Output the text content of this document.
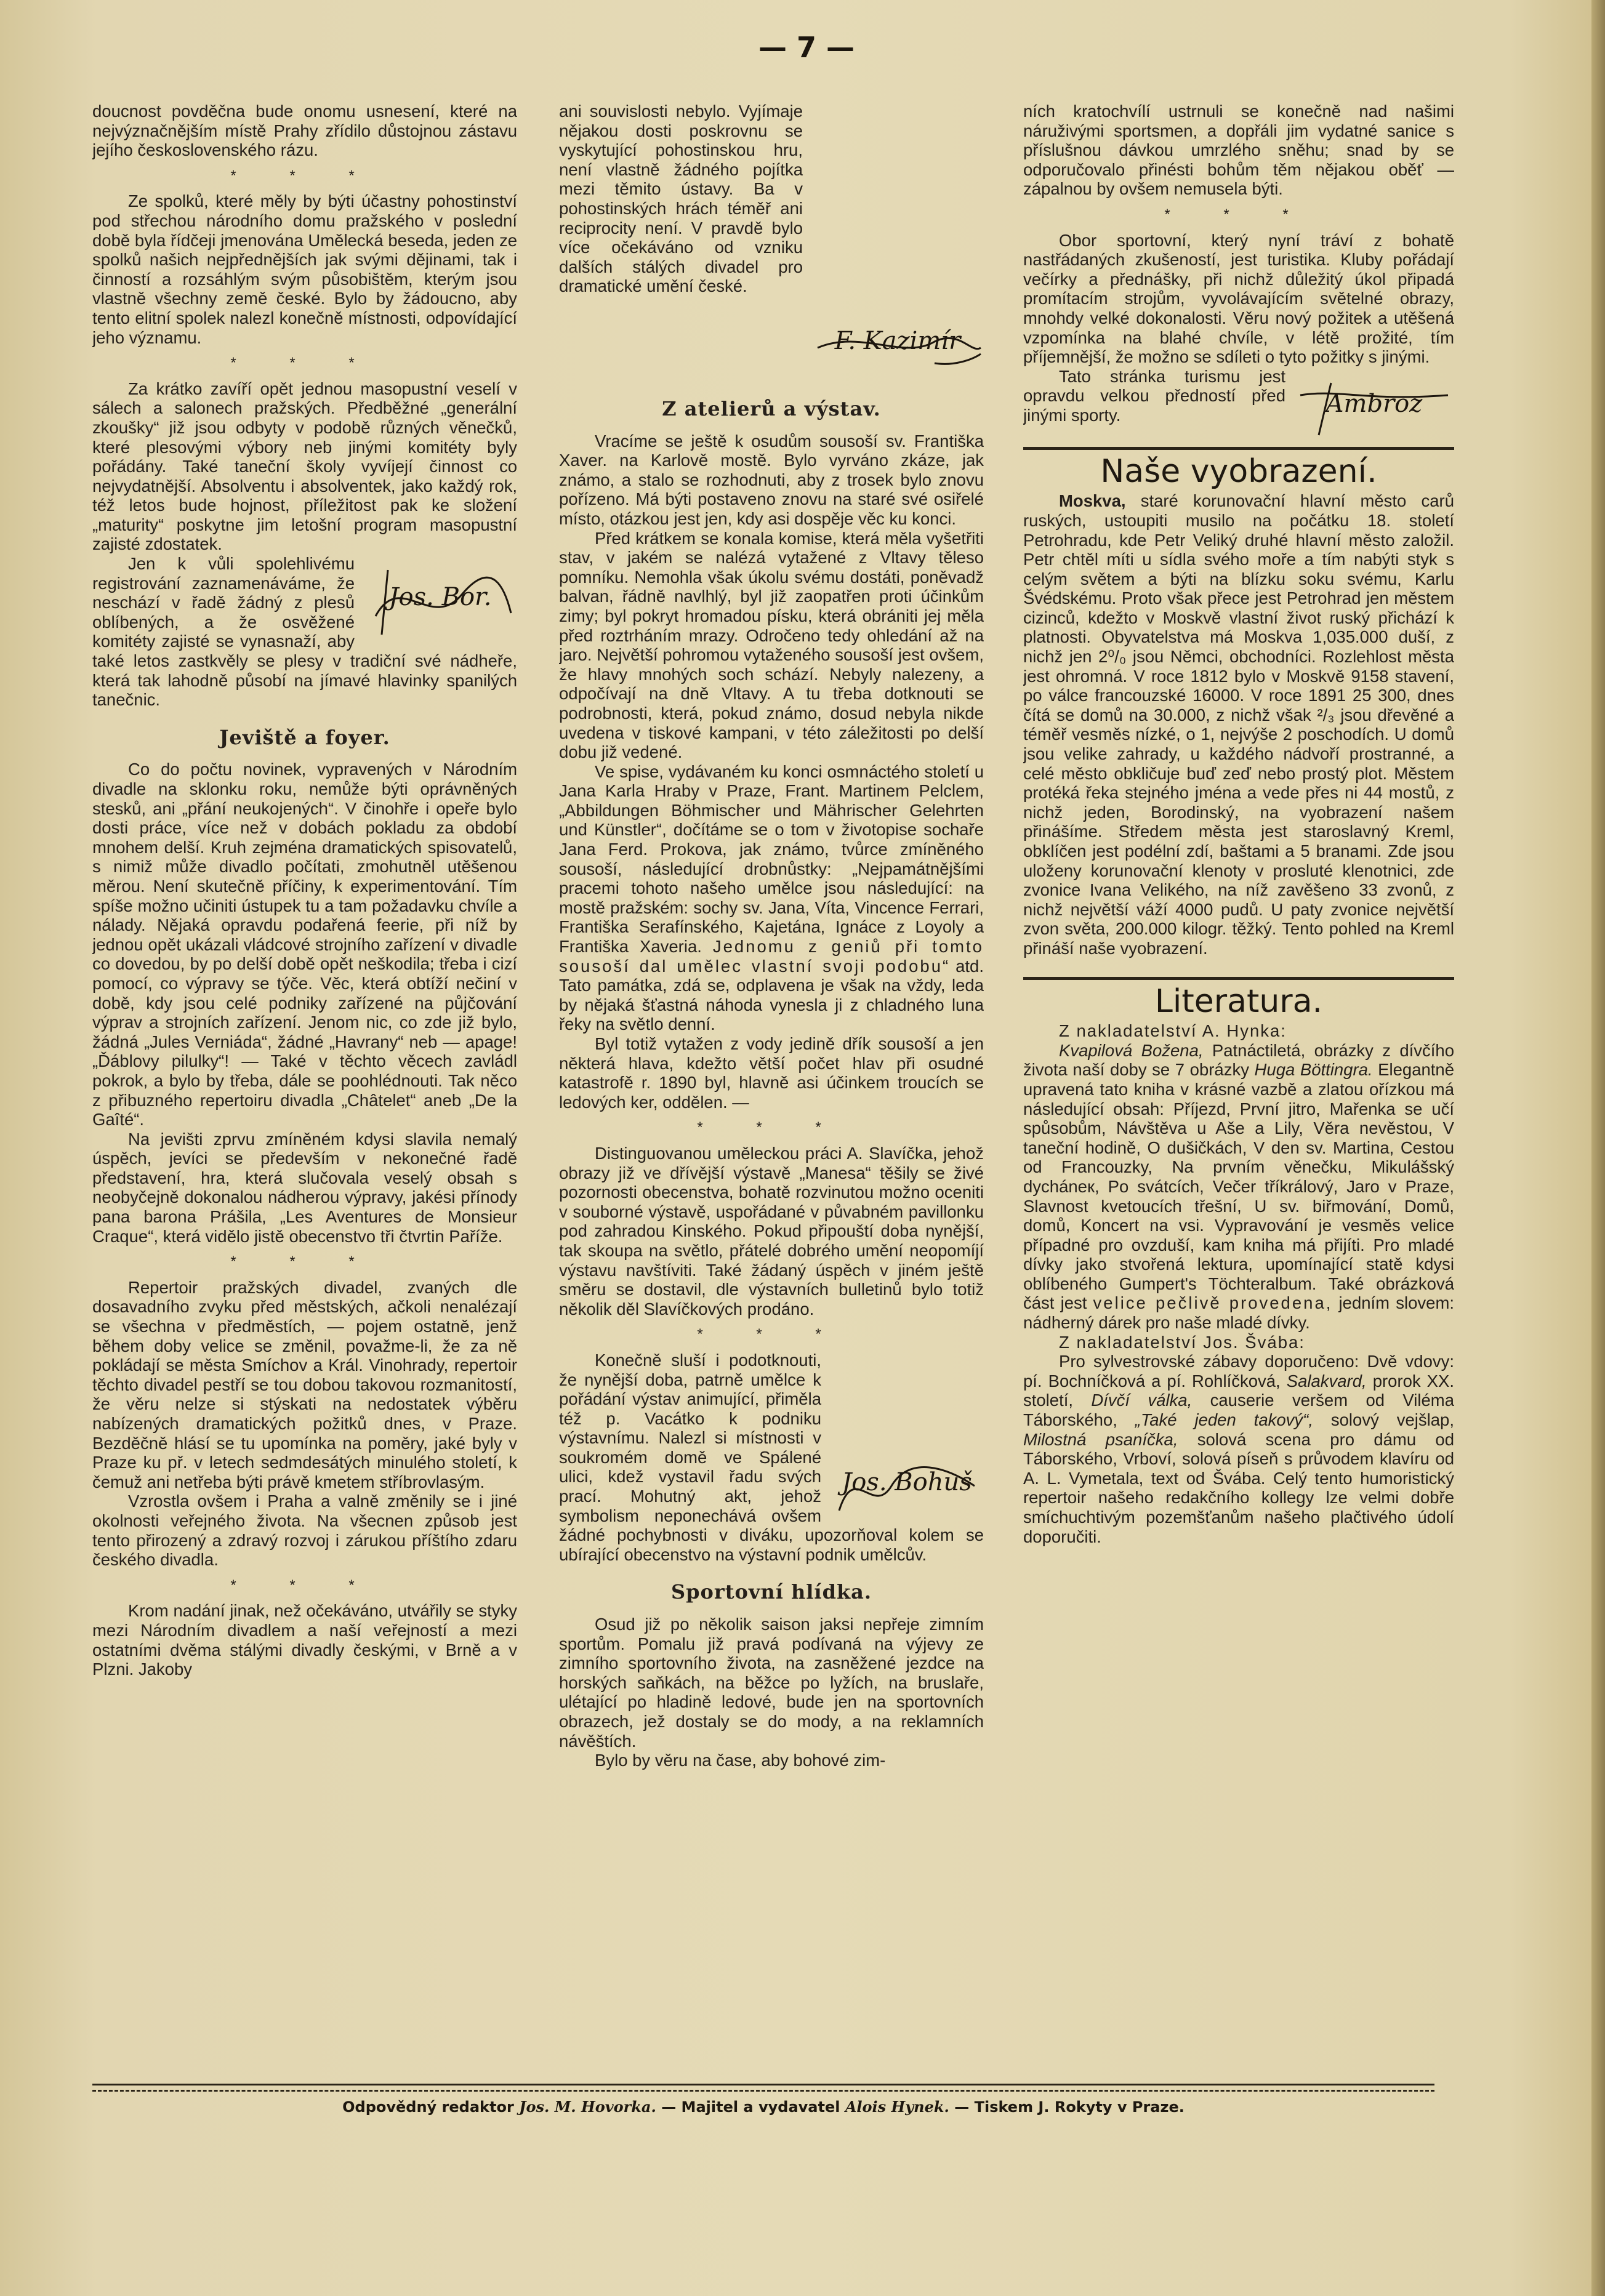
— 7 —

doucnost povděčna bude onomu usnesení, které na nejvýznačnějším místě Prahy zřídilo důstojnou zástavu jejího československého rázu.

* * *

Ze spolků, které měly by býti účastny pohostinství pod střechou národního domu pražského v poslední době byla řídčeji jmenována Umělecká beseda, jeden ze spolků našich nejpřednějších jak svými dějinami, tak i činností a rozsáhlým svým působištěm, kterým jsou vlastně všechny země české. Bylo by žádoucno, aby tento elitní spolek nalezl konečně místnosti, odpovídající jeho významu.

* * *

Za krátko zavíří opět jednou masopustní veselí v sálech a salonech pražských. Předběžné „generální zkoušky“ již jsou odbyty v podobě různých věnečků, které plesovými výbory neb jinými komitéty byly pořádány. Také taneční školy vyvíjejí činnost co nejvydatnější. Absolventu i absolventek, jako každý rok, též letos bude hojnost, příležitost pak ke složení „maturity“ poskytne jim letošní program masopustní zajisté zdostatek.

Jos. Bor.

Jen k vůli spolehlivému registrování zaznamenáváme, že neschází v řadě žádný z plesů oblíbených, a že osvěžené komitéty zajisté se vynasnaží, aby také letos zastkvěly se plesy v tradiční své nádheře, která tak lahodně působí na jímavé hlavinky spanilých tanečnic.

Jeviště a foyer.

Co do počtu novinek, vypravených v Národním divadle na sklonku roku, nemůže býti oprávněných stesků, ani „přání neukojených“. V činohře i opeře bylo dosti práce, více než v dobách pokladu za období mnohem delší. Kruh zejména dramatických spisovatelů, s nimiž může divadlo počítati, zmohutněl utěšenou měrou. Není skutečně příčiny, k experimentování. Tím spíše možno učiniti ústupek tu a tam požadavku chvíle a nálady. Nějaká opravdu podařená feerie, při níž by jednou opět ukázali vládcové strojního zařízení v divadle co dovedou, by po delší době opět neškodila; třeba i cizí pomocí, co výpravy se týče. Věc, která obtíží nečiní v době, kdy jsou celé podniky zařízené na půjčování výprav a strojních zařízení. Jenom nic, co zde již bylo, žádná „Jules Verniáda“, žádné „Havrany“ neb — apage! „Ďáblovy pilulky“! — Také v těchto věcech zavládl pokrok, a bylo by třeba, dále se poohlédnouti. Tak něco z přibuzného repertoiru divadla „Châtelet“ aneb „De la Gaîté“.

Na jevišti zprvu zmíněném kdysi slavila nemalý úspěch, jevíci se především v nekonečné řadě představení, hra, která slučovala veselý obsah s neobyčejně dokonalou nádherou výpravy, jakési přínody pana barona Prášila, „Les Aventures de Monsieur Craque“, která vidělo jistě obecenstvo tři čtvrtin Paříže.

* * *

Repertoir pražských divadel, zvaných dle dosavadního zvyku před městských, ačkoli nenalézají se všechna v předměstích, — pojem ostatně, jenž během doby velice se změnil, považme-li, že za ně pokládají se města Smíchov a Král. Vinohrady, repertoir těchto divadel pestří se tou dobou takovou rozmanitostí, že věru nelze si stýskati na nedostatek výběru nabízených dramatických požitků dnes, v Praze. Bezděčně hlásí se tu upomínka na poměry, jaké byly v Praze ku př. v letech sedmdesátých minulého století, k čemuž ani netřeba býti právě kmetem stříbrovlasým.

Vzrostla ovšem i Praha a valně změnily se i jiné okolnosti veřejného života. Na všecnen způsob jest tento přirozený a zdravý rozvoj i zárukou příštího zdaru českého divadla.

* * *

Krom nadání jinak, než očekáváno, utvářily se styky mezi Národním divadlem a naší veřejností a mezi ostatními dvěma stálými divadly českými, v Brně a v Plzni. Jakoby

F. Kazimír

ani souvislosti nebylo. Vyjímaje nějakou dosti poskrovnu se vyskytující pohostinskou hru, není vlastně žádného pojítka mezi těmito ústavy. Ba v pohostinských hrách téměř ani reciprocity není. V pravdě bylo více očekáváno od vzniku dalších stálých divadel pro dramatické umění české.

Z atelierů a výstav.

Vracíme se ještě k osudům sousoší sv. Františka Xaver. na Karlově mostě. Bylo vyrváno zkáze, jak známo, a stalo se rozhodnuti, aby z trosek bylo znovu pořízeno. Má býti postaveno znovu na staré své osiřelé místo, otázkou jest jen, kdy asi dospěje věc ku konci.

Před krátkem se konala komise, která měla vyšetřiti stav, v jakém se nalézá vytažené z Vltavy těleso pomníku. Nemohla však úkolu svému dostáti, poněvadž balvan, řádně navlhlý, byl již zaopatřen proti účinkům zimy; byl pokryt hromadou písku, která obrániti jej měla před roztrháním mrazy. Odročeno tedy ohledání až na jaro. Největší pohromou vytaženého sousoší jest ovšem, že hlavy mnohých soch schází. Nebyly nalezeny, a odpočívají na dně Vltavy. A tu třeba dotknouti se podrobnosti, která, pokud známo, dosud nebyla nikde uvedena v tiskové kampani, v této záležitosti po delší dobu již vedené.

Ve spise, vydávaném ku konci osmnáctého století u Jana Karla Hraby v Praze, Frant. Martinem Pelclem, „Abbildungen Böhmischer und Mährischer Gelehrten und Künstler“, dočítáme se o tom v životopise sochaře Jana Ferd. Prokova, jak známo, tvůrce zmíněného sousoší, následující drobnůstky: „Nejpamátnějšími pracemi tohoto našeho umělce jsou následující: na mostě pražském: sochy sv. Jana, Víta, Vincence Ferrari, Františka Serafínského, Kajetána, Ignáce z Loyoly a Františka Xaveria. Jednomu z geniů při tomto sousoší dal umělec vlastní svoji podobu“ atd. Tato památka, zdá se, odplavena je však na vždy, leda by nějaká šťastná náhoda vynesla ji z chladného luna řeky na světlo denní.

Byl totiž vytažen z vody jedině dřík sousoší a jen některá hlava, kdežto větší počet hlav při osudné katastrofě r. 1890 byl, hlavně asi účinkem troucích se ledových ker, oddělen. —

* * *

Distinguovanou uměleckou práci A. Slavíčka, jehož obrazy již ve dřívější výstavě „Manesa“ těšily se živé pozornosti obecenstva, bohatě rozvinutou možno oceniti v souborné výstavě, uspořádané v půvabném pavillonku pod zahradou Kinského. Pokud připouští doba nynější, tak skoupa na světlo, přátelé dobrého umění neopomíjí výstavu navštíviti. Také žádaný úspěch v jiném ještě směru se dostavil, dle výstavních bulletinů bylo totiž několik děl Slavíčkových prodáno.

* * *

Jos. Bohuš

Konečně sluší i podotknouti, že nynější doba, patrně umělce k pořádání výstav animující, přiměla též p. Vacátko k podniku výstavnímu. Nalezl si místnosti v soukromém domě ve Spálené ulici, kdež vystavil řadu svých prací. Mohutný akt, jehož symbolism neponechává ovšem žádné pochybnosti v diváku, upozorňoval kolem se ubírající obecenstvo na výstavní podnik umělcův.

Sportovní hlídka.

Osud již po několik saison jaksi nepřeje zimním sportům. Pomalu již pravá podívaná na výjevy ze zimního sportovního života, na zasněžené jezdce na horských saňkách, na běžce po lyžích, na bruslaře, ulétající po hladině ledové, bude jen na sportovních obrazech, jež dostaly se do mody, a na reklamních návěštích.

Bylo by věru na čase, aby bohové zim-

ních kratochvílí ustrnuli se konečně nad našimi náruživými sportsmen, a dopřáli jim vydatné sanice s příslušnou dávkou umrzlého sněhu; snad by se odporučovalo přinésti bohům těm nějakou oběť — zápalnou by ovšem nemusela býti.

* * *

Obor sportovní, který nyní tráví z bohatě nastřádaných zkušeností, jest turistika. Kluby pořádají večírky a přednášky, při nichž důležitý úkol připadá promítacím strojům, vyvolávajícím světelné obrazy, mnohdy velké dokonalosti. Věru nový požitek a utěšená vzpomínka na blahé chvíle, v létě prožité, tím příjemnější, že možno se sdíleti o tyto požitky s jinými.

Ambroz

Tato stránka turismu jest opravdu velkou předností před jinými sporty.

Naše vyobrazení.

Moskva, staré korunovační hlavní město carů ruských, ustoupiti musilo na počátku 18. století Petrohradu, kde Petr Veliký druhé hlavní město založil. Petr chtěl míti u sídla svého moře a tím nabýti styk s celým světem a býti na blízku soku svému, Karlu Švédskému. Proto však přece jest Petrohrad jen městem cizinců, kdežto v Moskvě vlastní život ruský přichází k platnosti. Obyvatelstva má Moskva 1,035.000 duší, z nichž jen 2⁰/₀ jsou Němci, obchodníci. Rozlehlost města jest ohromná. V roce 1812 bylo v Moskvě 9158 stavení, po válce francouzské 16000. V roce 1891 25 300, dnes čítá se domů na 30.000, z nichž však ²/₃ jsou dřevěné a téměř vesměs nízké, o 1, nejvýše 2 poschodích. U domů jsou velike zahrady, u každého nádvoří prostranné, a celé město obkličuje buď zeď nebo prostý plot. Městem protéká řeka stejného jména a vede přes ni 44 mostů, z nichž jeden, Borodinský, na vyobrazení našem přinášíme. Středem města jest staroslavný Kreml, obklíčen jest podélní zdí, baštami a 5 branami. Zde jsou uloženy korunovační klenoty v prosluté klenotnici, zde zvonice Ivana Velikého, na níž zavěšeno 33 zvonů, z nichž největší váží 4000 pudů. U paty zvonice největší zvon světa, 200.000 kilogr. těžký. Tento pohled na Kreml přináší naše vyobrazení.

Literatura.

Z nakladatelství A. Hynka:

Kvapilová Božena, Patnáctiletá, obrázky z dívčího života naší doby se 7 obrázky Huga Böttingra. Elegantně upravená tato kniha v krásné vazbě a zlatou ořízkou má následující obsah: Příjezd, První jitro, Mařenka se učí spůsobům, Návštěva u Aše a Lily, Věra nevěstou, V taneční hodině, O dušičkách, V den sv. Martina, Cestou od Francouzky, Na prvním věnečku, Mikulášský dycháneк, Po svátcích, Večer tříkrálový, Jaro v Praze, Slavnost kvetoucích třešní, U sv. biřmování, Domů, domů, Koncert na vsi. Vypravování je vesměs velice případné pro ovzduší, kam kniha má přijíti. Pro mladé dívky jako stvořená lektura, upomínající statě kdysi oblíbeného Gumpert's Töchteralbum. Také obrázková část jest velice pečlivě provedena, jedním slovem: nádherný dárek pro naše mladé dívky.

Z nakladatelství Jos. Švába:

Pro sylvestrovské zábavy doporučeno: Dvě vdovy: pí. Bochníčková a pí. Rohlíčková, Salakvard, prorok XX. století, Dívčí válka, causerie veršem od Viléma Táborského, „Také jeden takový“, solový vejšlap, Milostná psaníčka, solová scena pro dámu od Táborského, Vrboví, solová píseň s průvodem klavíru od A. L. Vymetala, text od Švába. Celý tento humoristický repertoir našeho redakčního kollegy lze velmi dobře smíchuchtivým pozemšťanům našeho plačtivého údolí doporučiti.

Odpovědný redaktor Jos. M. Hovorka. — Majitel a vydavatel Alois Hynek. — Tiskem J. Rokyty v Praze.
